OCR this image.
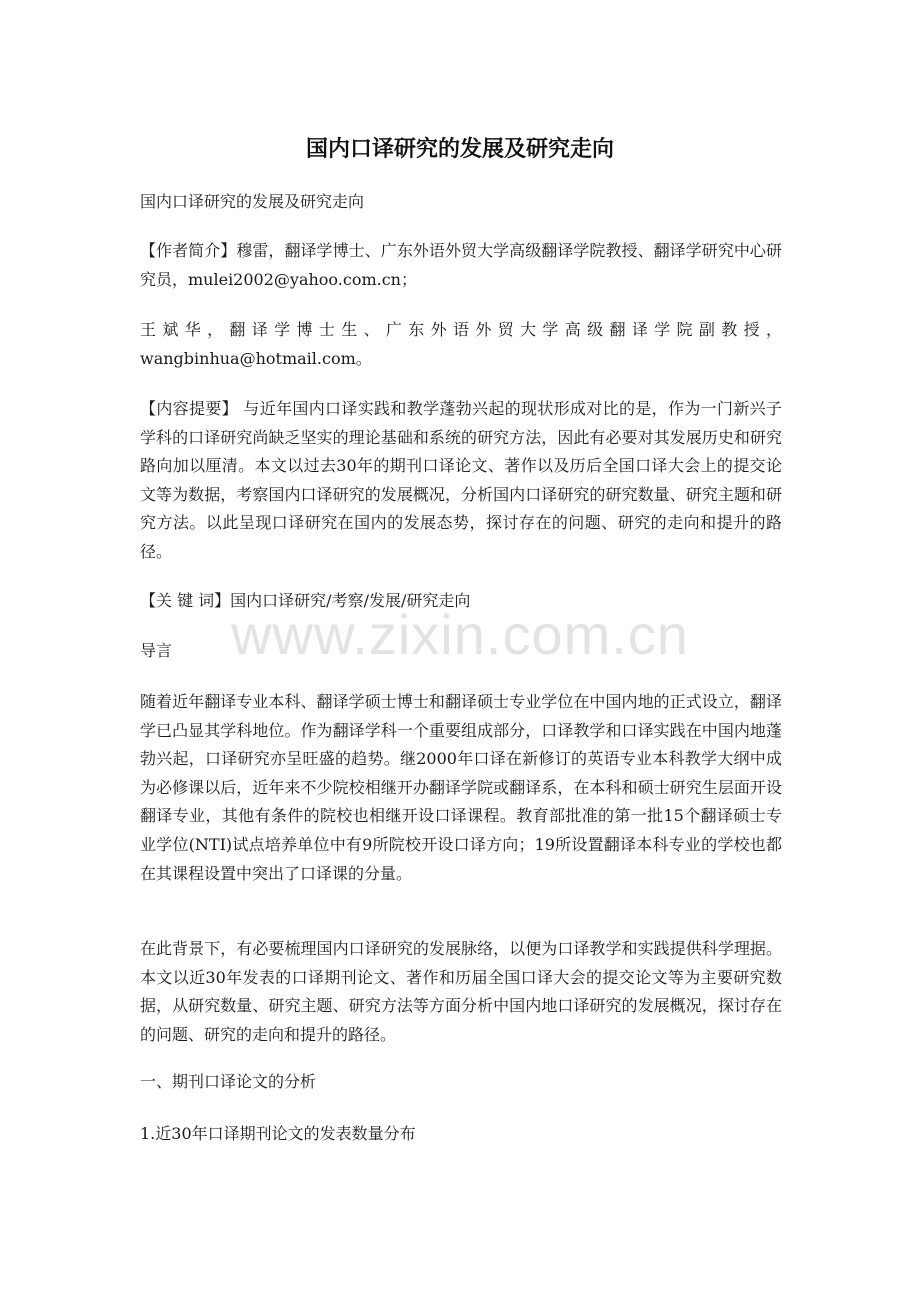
www.zixin.com.cn
国内口译研究的发展及研究走向

国内口译研究的发展及研究走向

【作者简介】穆雷，翻译学博士、广东外语外贸大学高级翻译学院教授、翻译学研究中心研究员，mulei2002@yahoo.com.cn；

王斌华，翻译学博士生、广东外语外贸大学高级翻译学院副教授，wangbinhua@hotmail.com。

【内容提要】 与近年国内口译实践和教学蓬勃兴起的现状形成对比的是，作为一门新兴子学科的口译研究尚缺乏坚实的理论基础和系统的研究方法，因此有必要对其发展历史和研究路向加以厘清。本文以过去30年的期刊口译论文、著作以及历后全国口译大会上的提交论文等为数据，考察国内口译研究的发展概况，分析国内口译研究的研究数量、研究主题和研究方法。以此呈现口译研究在国内的发展态势，探讨存在的问题、研究的走向和提升的路径。

【关 键 词】国内口译研究/考察/发展/研究走向

导言

随着近年翻译专业本科、翻译学硕士博士和翻译硕士专业学位在中国内地的正式设立，翻译学已凸显其学科地位。作为翻译学科一个重要组成部分，口译教学和口译实践在中国内地蓬勃兴起，口译研究亦呈旺盛的趋势。继2000年口译在新修订的英语专业本科教学大纲中成为必修课以后，近年来不少院校相继开办翻译学院或翻译系，在本科和硕士研究生层面开设翻译专业，其他有条件的院校也相继开设口译课程。教育部批准的第一批15个翻译硕士专业学位(NTI)试点培养单位中有9所院校开设口译方向；19所设置翻译本科专业的学校也都在其课程设置中突出了口译课的分量。

在此背景下，有必要梳理国内口译研究的发展脉络，以便为口译教学和实践提供科学理据。本文以近30年发表的口译期刊论文、著作和历届全国口译大会的提交论文等为主要研究数据，从研究数量、研究主题、研究方法等方面分析中国内地口译研究的发展概况，探讨存在的问题、研究的走向和提升的路径。

一、期刊口译论文的分析

1.近30年口译期刊论文的发表数量分布
